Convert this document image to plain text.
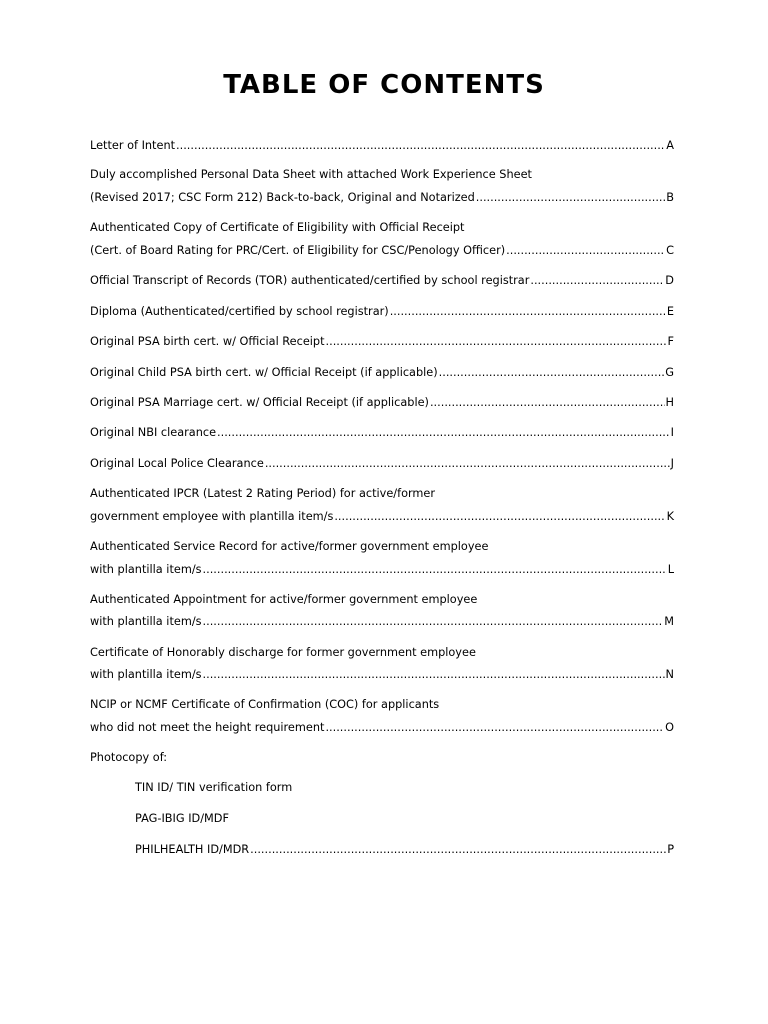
TABLE OF CONTENTS
Letter of Intent .....	A
Duly accomplished Personal Data Sheet with attached Work Experience Sheet
(Revised 2017; CSC Form 212) Back-to-back, Original and Notarized .....	B
Authenticated Copy of Certificate of Eligibility with Official Receipt
(Cert. of Board Rating for PRC/Cert. of Eligibility for CSC/Penology Officer) .....	C
Official Transcript of Records (TOR) authenticated/certified by school registrar .....	D
Diploma (Authenticated/certified by school registrar) .....	E
Original PSA birth cert. w/ Official Receipt .....	F
Original Child PSA birth cert. w/ Official Receipt (if applicable) .....	G
Original PSA Marriage cert. w/ Official Receipt (if applicable) .....	H
Original NBI clearance .....	I
Original Local Police Clearance .....	J
Authenticated IPCR (Latest 2 Rating Period) for active/former
government employee with plantilla item/s .....	K
Authenticated Service Record for active/former government employee
with plantilla item/s .....	L
Authenticated Appointment for active/former government employee
with plantilla item/s .....	M
Certificate of Honorably discharge for former government employee
with plantilla item/s .....	N
NCIP or NCMF Certificate of Confirmation (COC) for applicants
who did not meet the height requirement .....	O
Photocopy of:
TIN ID/ TIN verification form
PAG-IBIG ID/MDF
PHILHEALTH ID/MDR .....	P
